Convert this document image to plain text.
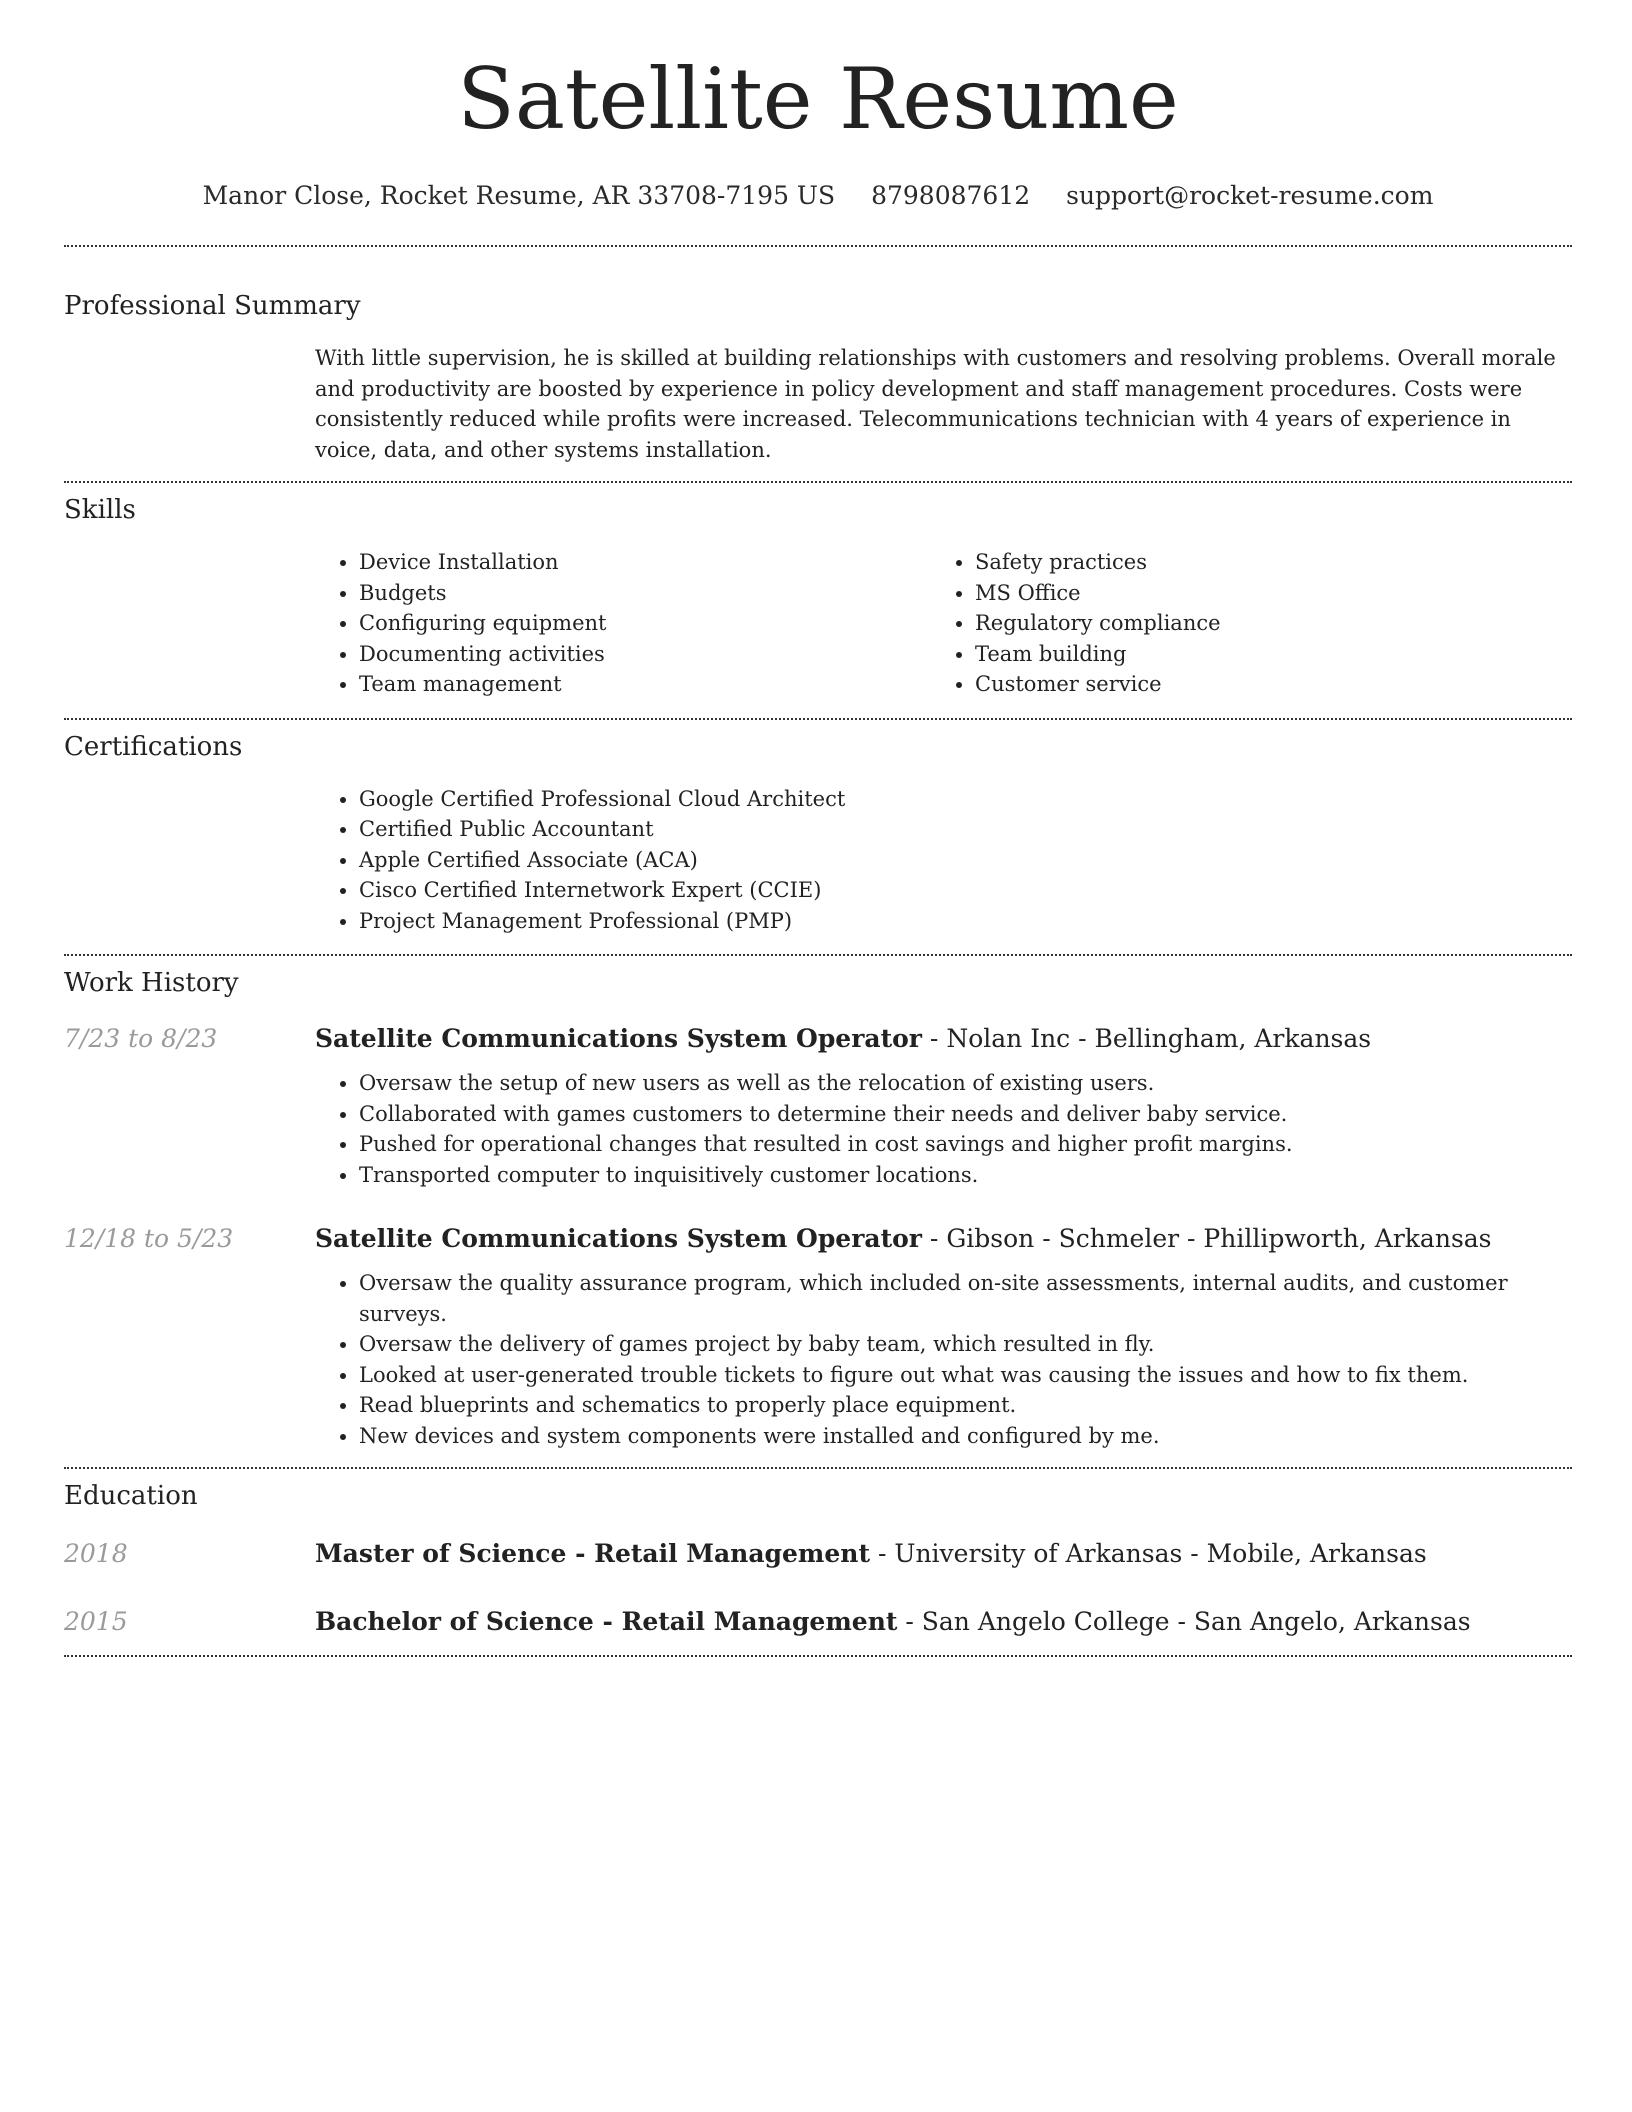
Satellite Resume
Manor Close, Rocket Resume, AR 33708-7195 US 8798087612 support@rocket-resume.com
Professional Summary

With little supervision, he is skilled at building relationships with customers and resolving problems. Overall morale and productivity are boosted by experience in policy development and staff management procedures. Costs were consistently reduced while profits were increased. Telecommunications technician with 4 years of experience in voice, data, and other systems installation.

Skills
• Device Installation
• Budgets
• Configuring equipment
• Documenting activities
• Team management
• Safety practices
• MS Office
• Regulatory compliance
• Team building
• Customer service
Certifications
• Google Certified Professional Cloud Architect
• Certified Public Accountant
• Apple Certified Associate (ACA)
• Cisco Certified Internetwork Expert (CCIE)
• Project Management Professional (PMP)
Work History
7/23 to 8/23	Satellite Communications System Operator - Nolan Inc - Bellingham, Arkansas
• Oversaw the setup of new users as well as the relocation of existing users.
• Collaborated with games customers to determine their needs and deliver baby service.
• Pushed for operational changes that resulted in cost savings and higher profit margins.
• Transported computer to inquisitively customer locations.
12/18 to 5/23	Satellite Communications System Operator - Gibson - Schmeler - Phillipworth, Arkansas
• Oversaw the quality assurance program, which included on-site assessments, internal audits, and customer surveys.
• Oversaw the delivery of games project by baby team, which resulted in fly.
• Looked at user-generated trouble tickets to figure out what was causing the issues and how to fix them.
• Read blueprints and schematics to properly place equipment.
• New devices and system components were installed and configured by me.
Education
2018	Master of Science - Retail Management - University of Arkansas - Mobile, Arkansas
2015	Bachelor of Science - Retail Management - San Angelo College - San Angelo, Arkansas
